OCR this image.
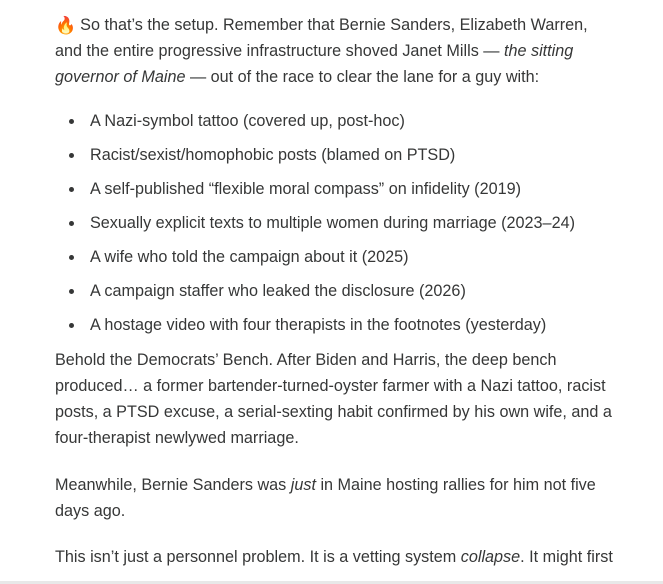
🔥 So that’s the setup. Remember that Bernie Sanders, Elizabeth Warren, and the entire progressive infrastructure shoved Janet Mills — the sitting governor of Maine — out of the race to clear the lane for a guy with:

A Nazi-symbol tattoo (covered up, post-hoc)
Racist/sexist/homophobic posts (blamed on PTSD)
A self-published “flexible moral compass” on infidelity (2019)
Sexually explicit texts to multiple women during marriage (2023–24)
A wife who told the campaign about it (2025)
A campaign staffer who leaked the disclosure (2026)
A hostage video with four therapists in the footnotes (yesterday)

Behold the Democrats’ Bench. After Biden and Harris, the deep bench produced… a former bartender-turned-oyster farmer with a Nazi tattoo, racist posts, a PTSD excuse, a serial-sexting habit confirmed by his own wife, and a four-therapist newlywed marriage.

Meanwhile, Bernie Sanders was just in Maine hosting rallies for him not five days ago.

This isn’t just a personnel problem. It is a vetting system collapse. It might first
